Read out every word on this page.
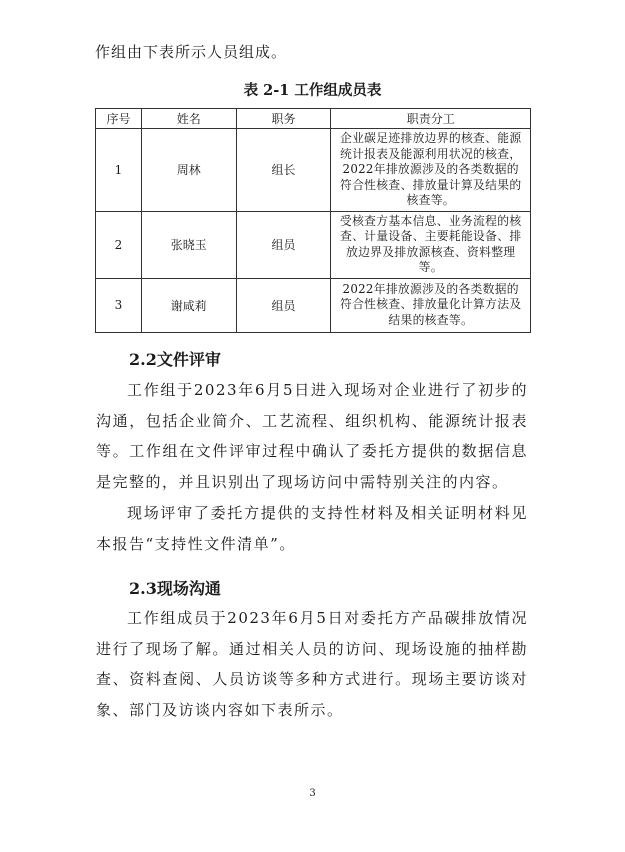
作组由下表所示人员组成。
表 2-1 工作组成员表
序号	姓名	职务	职责分工
1	周林	组长	企业碳足迹排放边界的核查、能源统计报表及能源利用状况的核查，2022年排放源涉及的各类数据的符合性核查、排放量计算及结果的核查等。
2	张晓玉	组员	受核查方基本信息、业务流程的核查、计量设备、主要耗能设备、排放边界及排放源核查、资料整理等。
3	谢咸莉	组员	2022年排放源涉及的各类数据的符合性核查、排放量化计算方法及结果的核查等。
2.2文件评审

工作组于2023年6月5日进入现场对企业进行了初步的沟通，包括企业简介、工艺流程、组织机构、能源统计报表等。工作组在文件评审过程中确认了委托方提供的数据信息是完整的，并且识别出了现场访问中需特别关注的内容。

现场评审了委托方提供的支持性材料及相关证明材料见本报告“支持性文件清单”。

2.3现场沟通

工作组成员于2023年6月5日对委托方产品碳排放情况进行了现场了解。通过相关人员的访问、现场设施的抽样勘查、资料查阅、人员访谈等多种方式进行。现场主要访谈对象、部门及访谈内容如下表所示。

3
